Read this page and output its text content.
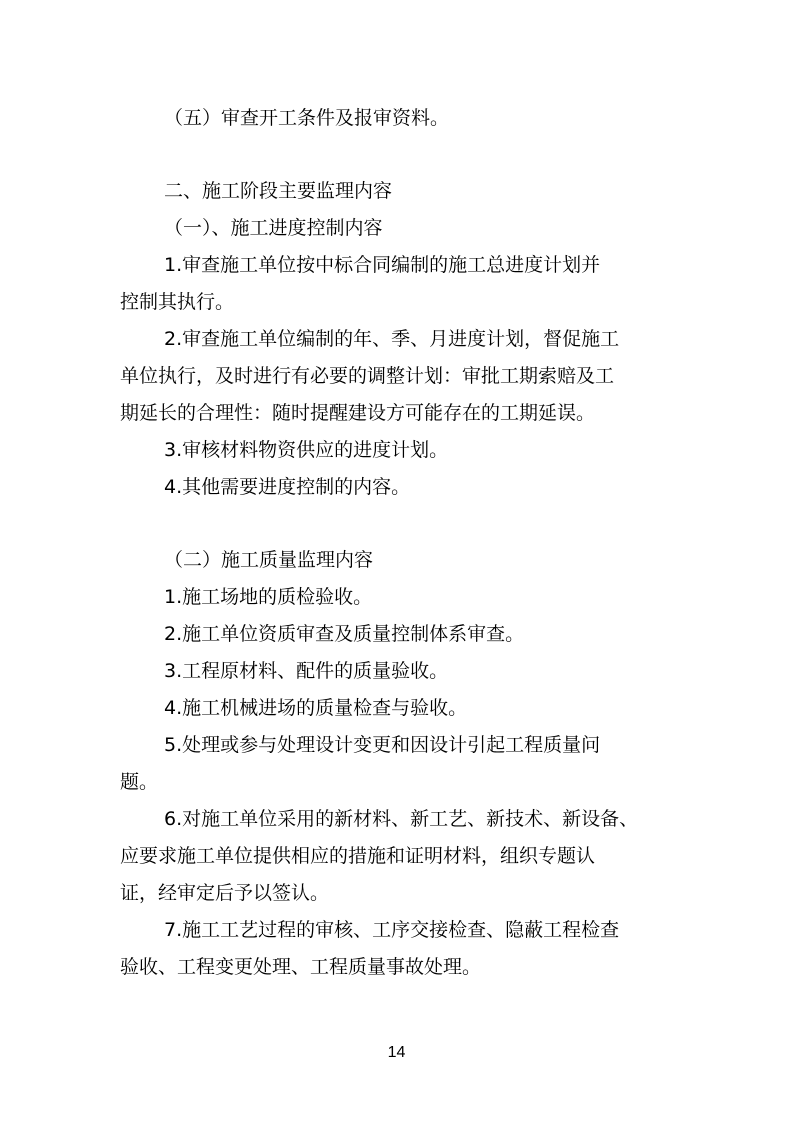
（五）审查开工条件及报审资料。
二、施工阶段主要监理内容
（一）、施工进度控制内容
1.审查施工单位按中标合同编制的施工总进度计划并
控制其执行。
2.审查施工单位编制的年、季、月进度计划，督促施工
单位执行，及时进行有必要的调整计划：审批工期索赔及工
期延长的合理性：随时提醒建设方可能存在的工期延误。
3.审核材料物资供应的进度计划。
4.其他需要进度控制的内容。
（二）施工质量监理内容
1.施工场地的质检验收。
2.施工单位资质审查及质量控制体系审查。
3.工程原材料、配件的质量验收。
4.施工机械进场的质量检查与验收。
5.处理或参与处理设计变更和因设计引起工程质量问
题。
6.对施工单位采用的新材料、新工艺、新技术、新设备、
应要求施工单位提供相应的措施和证明材料，组织专题认
证，经审定后予以签认。
7.施工工艺过程的审核、工序交接检查、隐蔽工程检查
验收、工程变更处理、工程质量事故处理。
14
